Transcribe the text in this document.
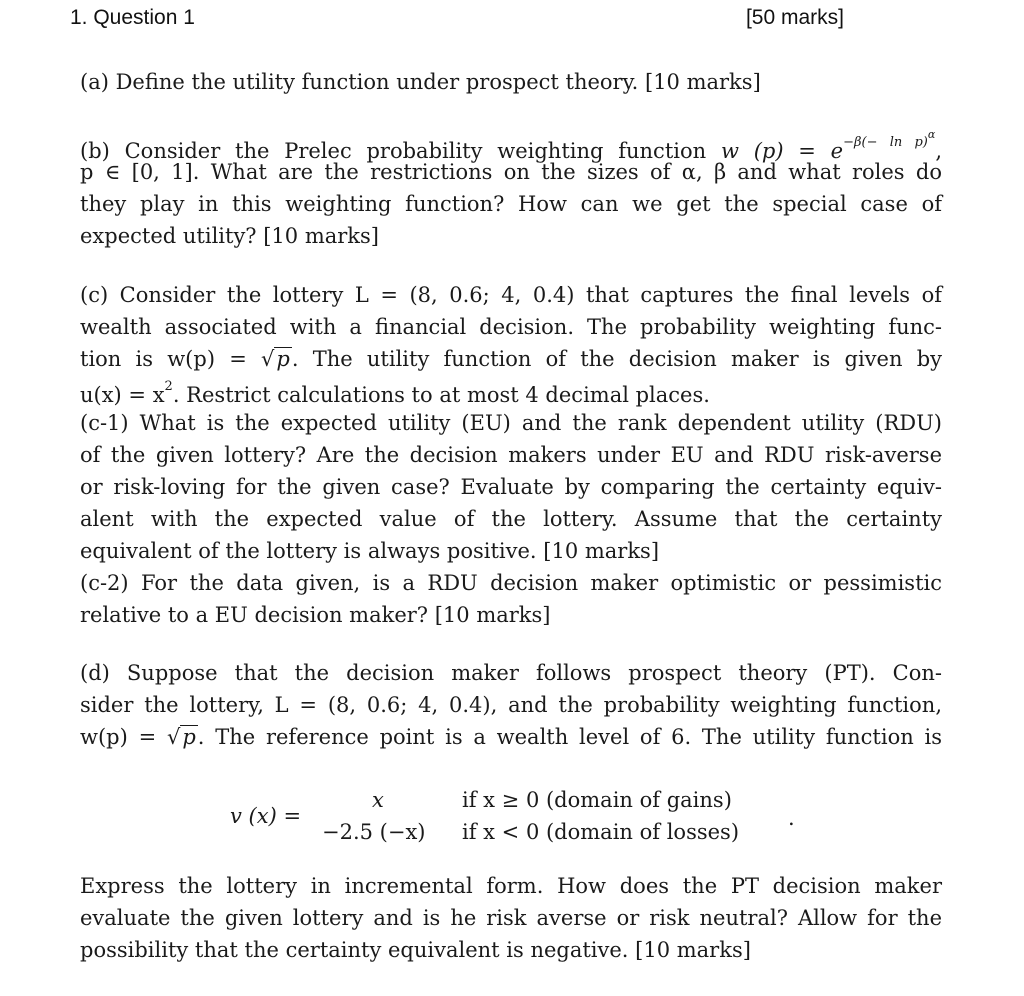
1. Question 1	[50 marks]
(a) Define the utility function under prospect theory. [10 marks]
(b) Consider the Prelec probability weighting function w $(p) = e^{-\beta(- ln p)\alpha}$,
p ∈ [0, 1]. What are the restrictions on the sizes of α, β and what roles do
they play in this weighting function? How can we get the special case of
expected utility? [10 marks]
(c) Consider the lottery L = (8, 0.6; 4, 0.4) that captures the final levels of
wealth associated with a financial decision. The probability weighting func-
tion is w(p) = √p. The utility function of the decision maker is given by
$u(x) = x^2$. Restrict calculations to at most 4 decimal places.
(c-1) What is the expected utility (EU) and the rank dependent utility (RDU)
of the given lottery? Are the decision makers under EU and RDU risk-averse
or risk-loving for the given case? Evaluate by comparing the certainty equiv-
alent with the expected value of the lottery. Assume that the certainty
equivalent of the lottery is always positive. [10 marks]
(c-2) For the data given, is a RDU decision maker optimistic or pessimistic
relative to a EU decision maker? [10 marks]
(d) Suppose that the decision maker follows prospect theory (PT). Con-
sider the lottery, L = (8, 0.6; 4, 0.4), and the probability weighting function,
w(p) = √p. The reference point is a wealth level of 6. The utility function is
v (x) =
x	if x ≥ 0 (domain of gains)
−2.5 (−x) if x < 0 (domain of losses)
.
Express the lottery in incremental form. How does the PT decision maker
evaluate the given lottery and is he risk averse or risk neutral? Allow for the
possibility that the certainty equivalent is negative. [10 marks]
